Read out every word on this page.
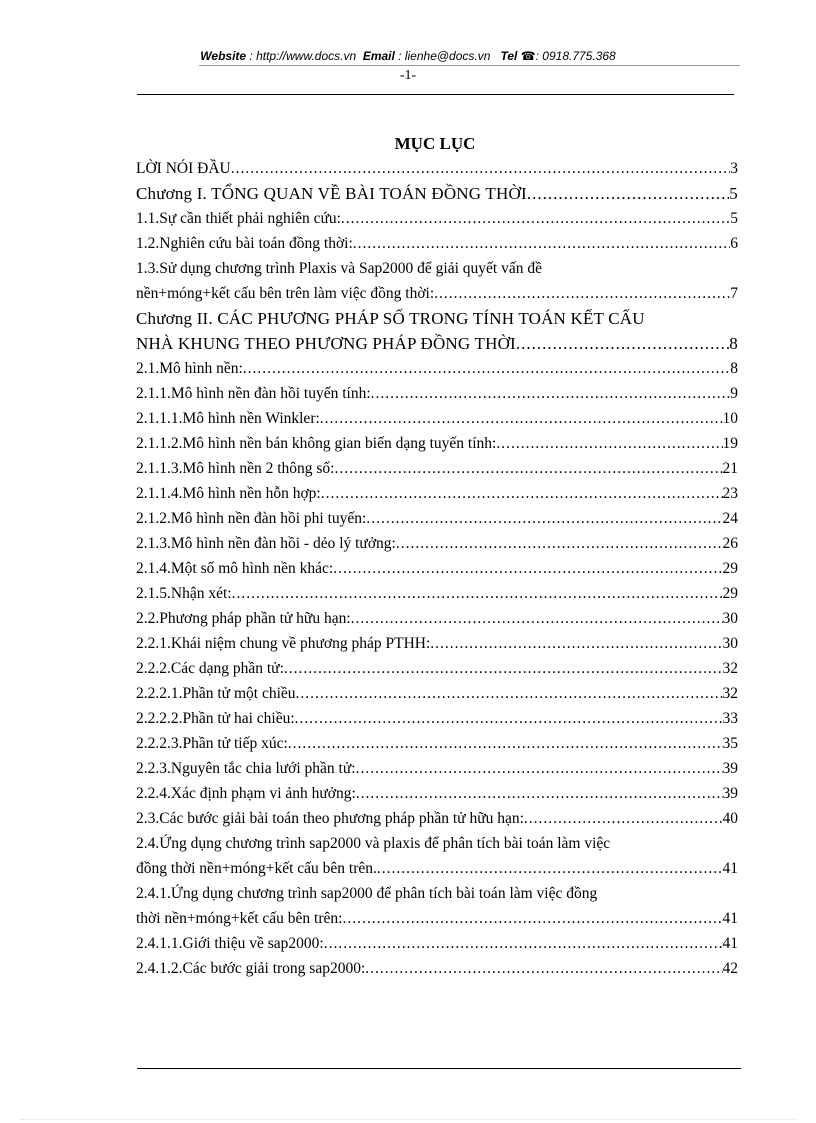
Website : http://www.docs.vn Email : lienhe@docs.vn Tel ☎: 0918.775.368
-1-
MỤC LỤC
LỜI NÓI ĐẦU .....	3
Chương I. TỔNG QUAN VỀ BÀI TOÁN ĐỒNG THỜI .....	5
1.1.Sự cần thiết phải nghiên cứu: .....	5
1.2.Nghiên cứu bài toán đồng thời: .....	6
1.3.Sử dụng chương trình Plaxis và Sap2000 để giải quyết vấn đề
nền+móng+kết cấu bên trên làm việc đồng thời: .....	7
Chương II. CÁC PHƯƠNG PHÁP SỐ TRONG TÍNH TOÁN KẾT CẤU
NHÀ KHUNG THEO PHƯƠNG PHÁP ĐỒNG THỜI .....	8
2.1.Mô hình nền: .....	8
2.1.1.Mô hình nền đàn hồi tuyến tính: .....	9
2.1.1.1.Mô hình nền Winkler: .....	10
2.1.1.2.Mô hình nền bán không gian biến dạng tuyến tính: .....	19
2.1.1.3.Mô hình nền 2 thông số: .....	21
2.1.1.4.Mô hình nền hỗn hợp: .....	23
2.1.2.Mô hình nền đàn hồi phi tuyến: .....	24
2.1.3.Mô hình nền đàn hồi - dẻo lý tưởng: .....	26
2.1.4.Một số mô hình nền khác: .....	29
2.1.5.Nhận xét: .....	29
2.2.Phương pháp phần tử hữu hạn: .....	30
2.2.1.Khái niệm chung về phương pháp PTHH: .....	30
2.2.2.Các dạng phần tử: .....	32
2.2.2.1.Phần tử một chiều .....	32
2.2.2.2.Phần tử hai chiều: .....	33
2.2.2.3.Phần tử tiếp xúc: .....	35
2.2.3.Nguyên tắc chia lưới phần tử: .....	39
2.2.4.Xác định phạm vi ảnh hưởng: .....	39
2.3.Các bước giải bài toán theo phương pháp phần tử hữu hạn: .....	40
2.4.Ứng dụng chương trình sap2000 và plaxis để phân tích bài toán làm việc
đồng thời nền+móng+kết cấu bên trên. .....	41
2.4.1.Ứng dụng chương trình sap2000 để phân tích bài toán làm việc đồng
thời nền+móng+kết cấu bên trên: .....	41
2.4.1.1.Giới thiệu về sap2000: .....	41
2.4.1.2.Các bước giải trong sap2000: .....	42
